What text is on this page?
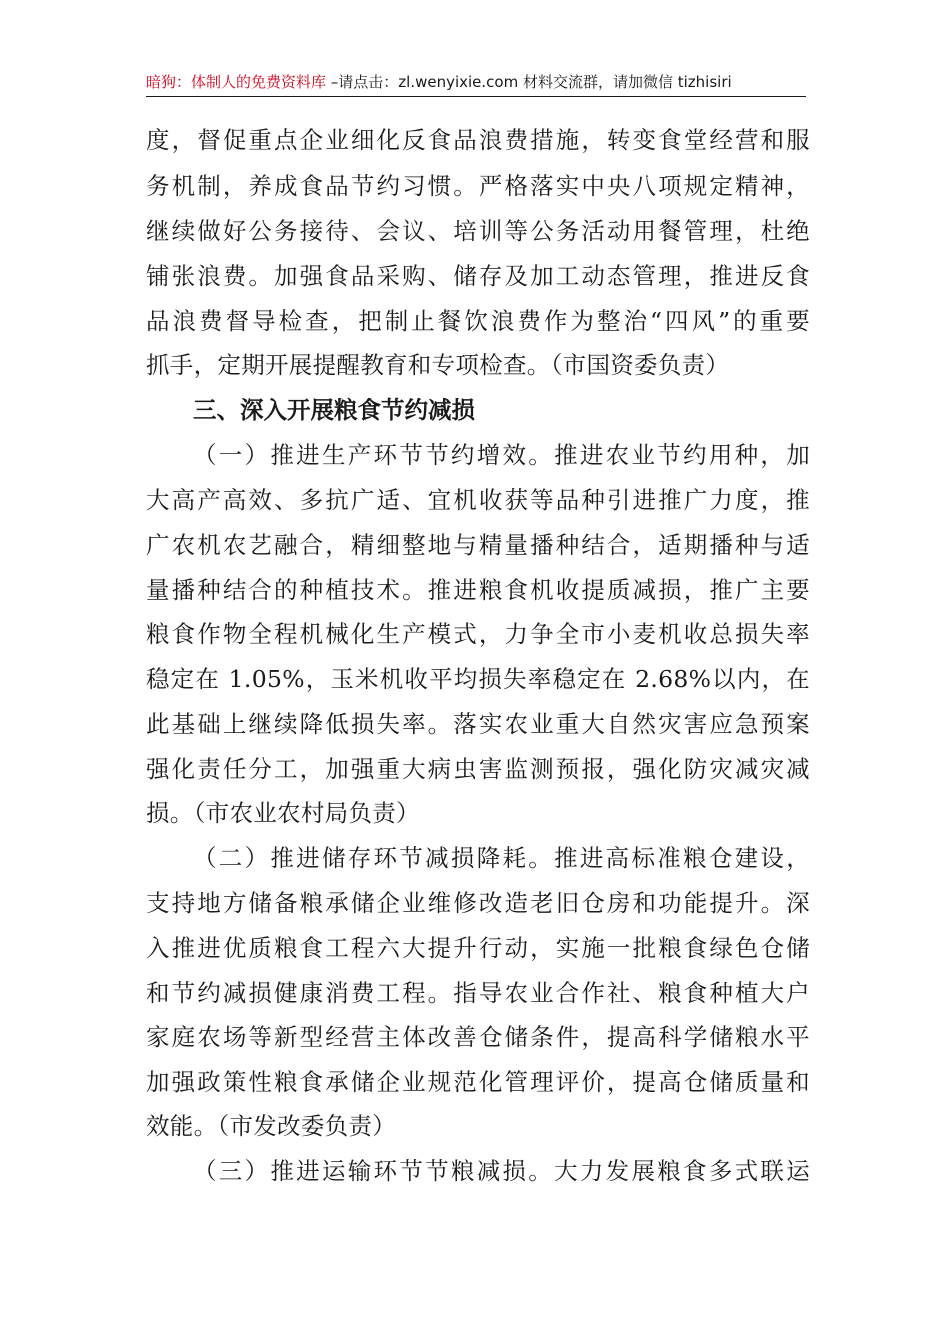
暗狗：体制人的免费资料库 –请点击：zl.wenyixie.com 材料交流群，请加微信 tizhisiri
度，督促重点企业细化反食品浪费措施，转变食堂经营和服
务机制，养成食品节约习惯。严格落实中央八项规定精神，
继续做好公务接待、会议、培训等公务活动用餐管理，杜绝
铺张浪费。加强食品采购、储存及加工动态管理，推进反食
品浪费督导检查，把制止餐饮浪费作为整治“四风”的重要
抓手，定期开展提醒教育和专项检查。（市国资委负责）
三、深入开展粮食节约减损
（一）推进生产环节节约增效。推进农业节约用种，加
大高产高效、多抗广适、宜机收获等品种引进推广力度，推
广农机农艺融合，精细整地与精量播种结合，适期播种与适
量播种结合的种植技术。推进粮食机收提质减损，推广主要
粮食作物全程机械化生产模式，力争全市小麦机收总损失率
稳定在 1.05%，玉米机收平均损失率稳定在 2.68%以内，在
此基础上继续降低损失率。落实农业重大自然灾害应急预案
强化责任分工，加强重大病虫害监测预报，强化防灾减灾减
损。（市农业农村局负责）
（二）推进储存环节减损降耗。推进高标准粮仓建设，
支持地方储备粮承储企业维修改造老旧仓房和功能提升。深
入推进优质粮食工程六大提升行动，实施一批粮食绿色仓储
和节约减损健康消费工程。指导农业合作社、粮食种植大户
家庭农场等新型经营主体改善仓储条件，提高科学储粮水平
加强政策性粮食承储企业规范化管理评价，提高仓储质量和
效能。（市发改委负责）
（三）推进运输环节节粮减损。大力发展粮食多式联运
